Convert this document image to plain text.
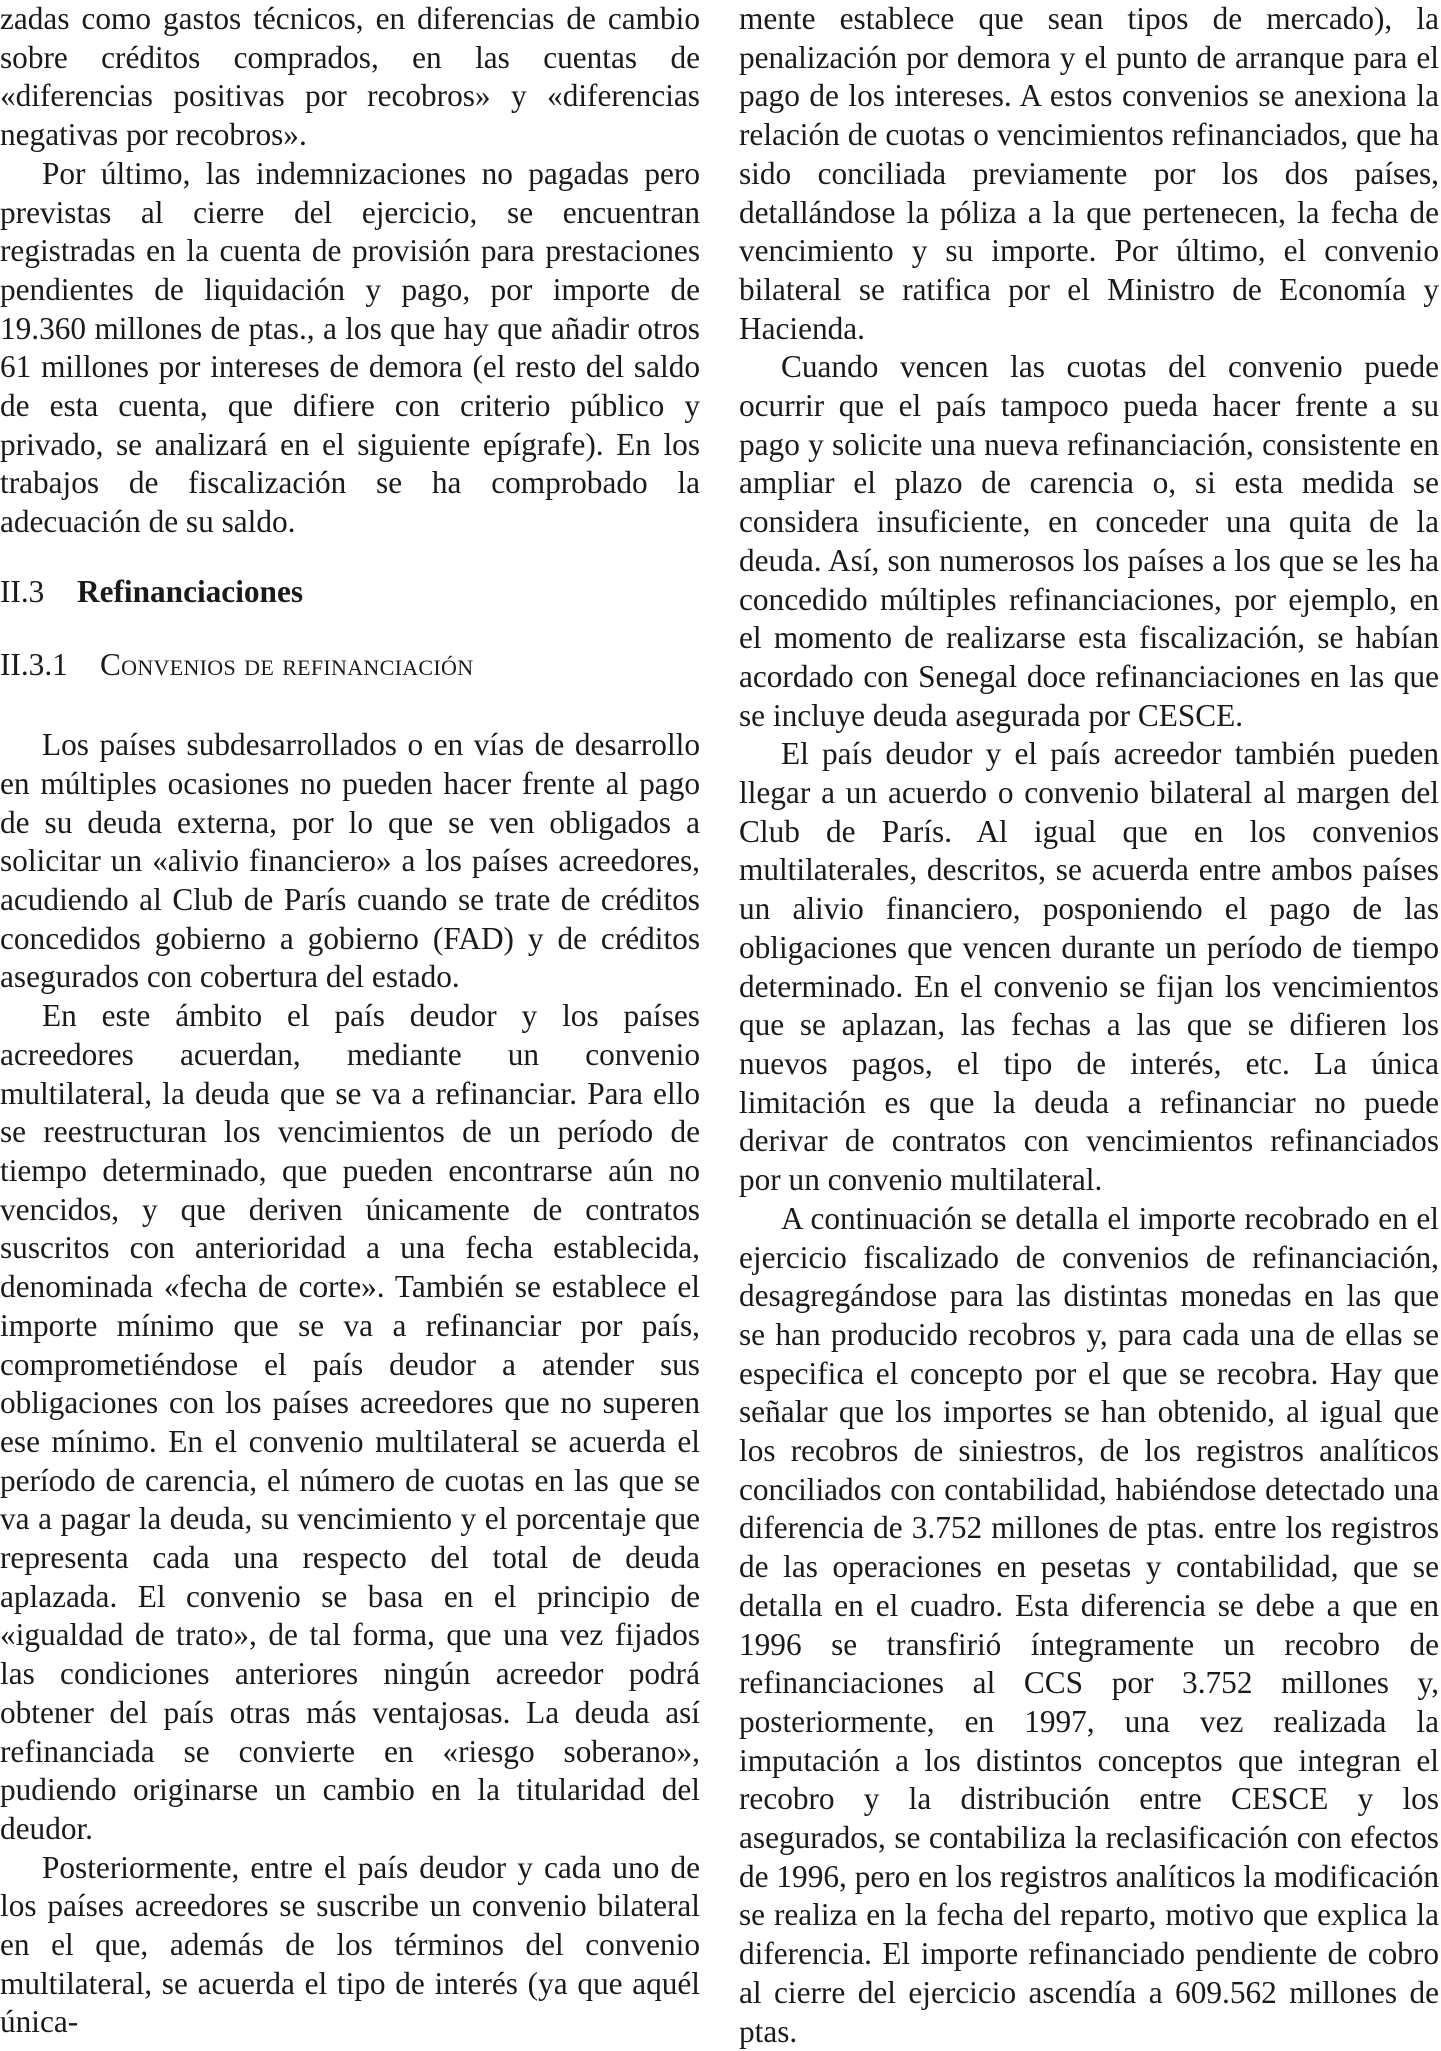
zadas como gastos técnicos, en diferencias de cambio sobre créditos comprados, en las cuentas de «diferencias positivas por recobros» y «diferencias negativas por recobros».

Por último, las indemnizaciones no pagadas pero previstas al cierre del ejercicio, se encuentran registradas en la cuenta de provisión para prestaciones pendientes de liquidación y pago, por importe de 19.360 millones de ptas., a los que hay que añadir otros 61 millones por intereses de demora (el resto del saldo de esta cuenta, que difiere con criterio público y privado, se analizará en el siguiente epígrafe). En los trabajos de fiscalización se ha comprobado la adecuación de su saldo.

II.3 Refinanciaciones
II.3.1 Convenios de refinanciación

Los países subdesarrollados o en vías de desarrollo en múltiples ocasiones no pueden hacer frente al pago de su deuda externa, por lo que se ven obligados a solicitar un «alivio financiero» a los países acreedores, acudiendo al Club de París cuando se trate de créditos concedidos gobierno a gobierno (FAD) y de créditos asegurados con cobertura del estado.

En este ámbito el país deudor y los países acreedores acuerdan, mediante un convenio multilateral, la deuda que se va a refinanciar. Para ello se reestructuran los vencimientos de un período de tiempo determinado, que pueden encontrarse aún no vencidos, y que deriven únicamente de contratos suscritos con anterioridad a una fecha establecida, denominada «fecha de corte». También se establece el importe mínimo que se va a refinanciar por país, comprometiéndose el país deudor a atender sus obligaciones con los países acreedores que no superen ese mínimo. En el convenio multilateral se acuerda el período de carencia, el número de cuotas en las que se va a pagar la deuda, su vencimiento y el porcentaje que representa cada una respecto del total de deuda aplazada. El convenio se basa en el principio de «igualdad de trato», de tal forma, que una vez fijados las condiciones anteriores ningún acreedor podrá obtener del país otras más ventajosas. La deuda así refinanciada se convierte en «riesgo soberano», pudiendo originarse un cambio en la titularidad del deudor.

Posteriormente, entre el país deudor y cada uno de los países acreedores se suscribe un convenio bilateral en el que, además de los términos del convenio multilateral, se acuerda el tipo de interés (ya que aquél única-

mente establece que sean tipos de mercado), la penalización por demora y el punto de arranque para el pago de los intereses. A estos convenios se anexiona la relación de cuotas o vencimientos refinanciados, que ha sido conciliada previamente por los dos países, detallándose la póliza a la que pertenecen, la fecha de vencimiento y su importe. Por último, el convenio bilateral se ratifica por el Ministro de Economía y Hacienda.

Cuando vencen las cuotas del convenio puede ocurrir que el país tampoco pueda hacer frente a su pago y solicite una nueva refinanciación, consistente en ampliar el plazo de carencia o, si esta medida se considera insuficiente, en conceder una quita de la deuda. Así, son numerosos los países a los que se les ha concedido múltiples refinanciaciones, por ejemplo, en el momento de realizarse esta fiscalización, se habían acordado con Senegal doce refinanciaciones en las que se incluye deuda asegurada por CESCE.

El país deudor y el país acreedor también pueden llegar a un acuerdo o convenio bilateral al margen del Club de París. Al igual que en los convenios multilaterales, descritos, se acuerda entre ambos países un alivio financiero, posponiendo el pago de las obligaciones que vencen durante un período de tiempo determinado. En el convenio se fijan los vencimientos que se aplazan, las fechas a las que se difieren los nuevos pagos, el tipo de interés, etc. La única limitación es que la deuda a refinanciar no puede derivar de contratos con vencimientos refinanciados por un convenio multilateral.

A continuación se detalla el importe recobrado en el ejercicio fiscalizado de convenios de refinanciación, desagregándose para las distintas monedas en las que se han producido recobros y, para cada una de ellas se especifica el concepto por el que se recobra. Hay que señalar que los importes se han obtenido, al igual que los recobros de siniestros, de los registros analíticos conciliados con contabilidad, habiéndose detectado una diferencia de 3.752 millones de ptas. entre los registros de las operaciones en pesetas y contabilidad, que se detalla en el cuadro. Esta diferencia se debe a que en 1996 se transfirió íntegramente un recobro de refinanciaciones al CCS por 3.752 millones y, posteriormente, en 1997, una vez realizada la imputación a los distintos conceptos que integran el recobro y la distribución entre CESCE y los asegurados, se contabiliza la reclasificación con efectos de 1996, pero en los registros analíticos la modificación se realiza en la fecha del reparto, motivo que explica la diferencia. El importe refinanciado pendiente de cobro al cierre del ejercicio ascendía a 609.562 millones de ptas.
